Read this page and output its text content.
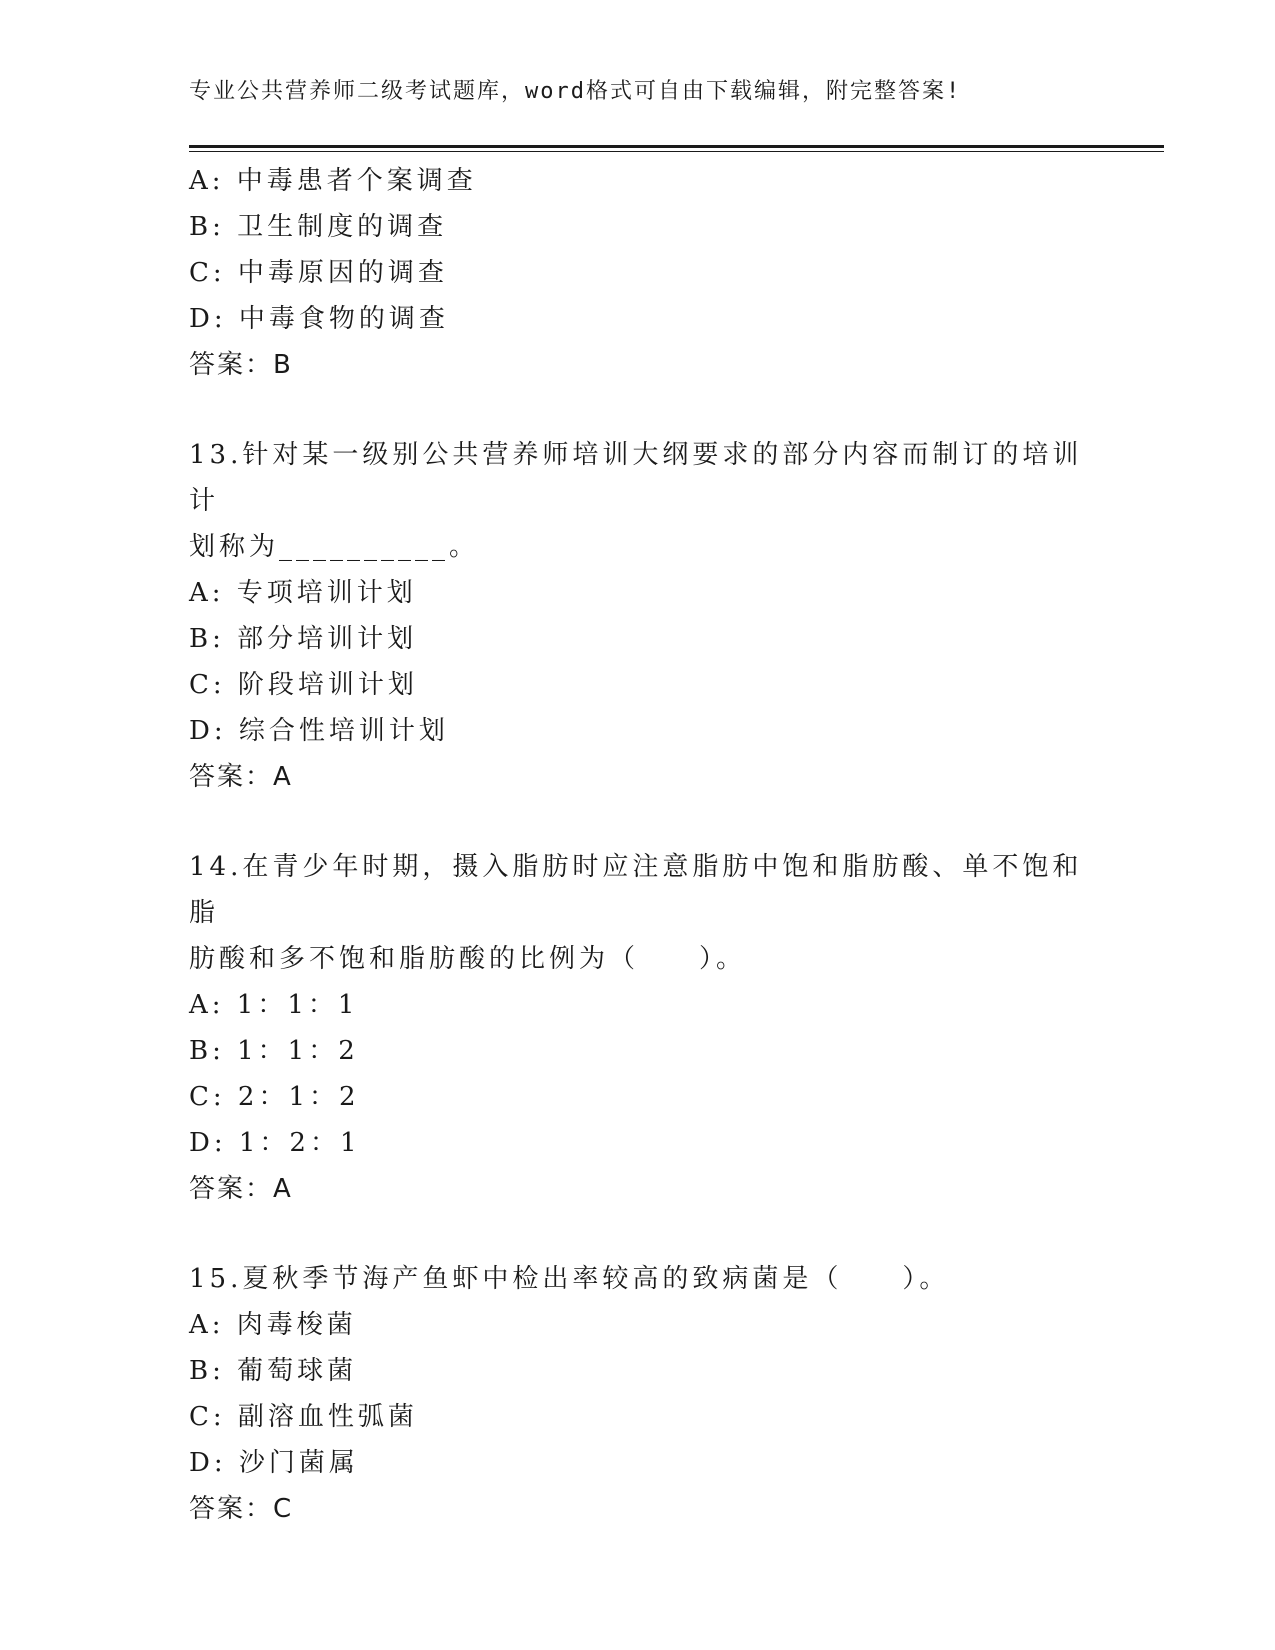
专业公共营养师二级考试题库，word格式可自由下载编辑，附完整答案!
A: 中毒患者个案调查
B: 卫生制度的调查
C: 中毒原因的调查
D: 中毒食物的调查
答案：B
13.针对某一级别公共营养师培训大纲要求的部分内容而制订的培训计
划称为__________。
A: 专项培训计划
B: 部分培训计划
C: 阶段培训计划
D: 综合性培训计划
答案：A
14.在青少年时期，摄入脂肪时应注意脂肪中饱和脂肪酸、单不饱和脂
肪酸和多不饱和脂肪酸的比例为（　　）。
A: 1：1：1
B: 1：1：2
C: 2：1：2
D: 1：2：1
答案：A
15.夏秋季节海产鱼虾中检出率较高的致病菌是（　　）。
A: 肉毒梭菌
B: 葡萄球菌
C: 副溶血性弧菌
D: 沙门菌属
答案：C
